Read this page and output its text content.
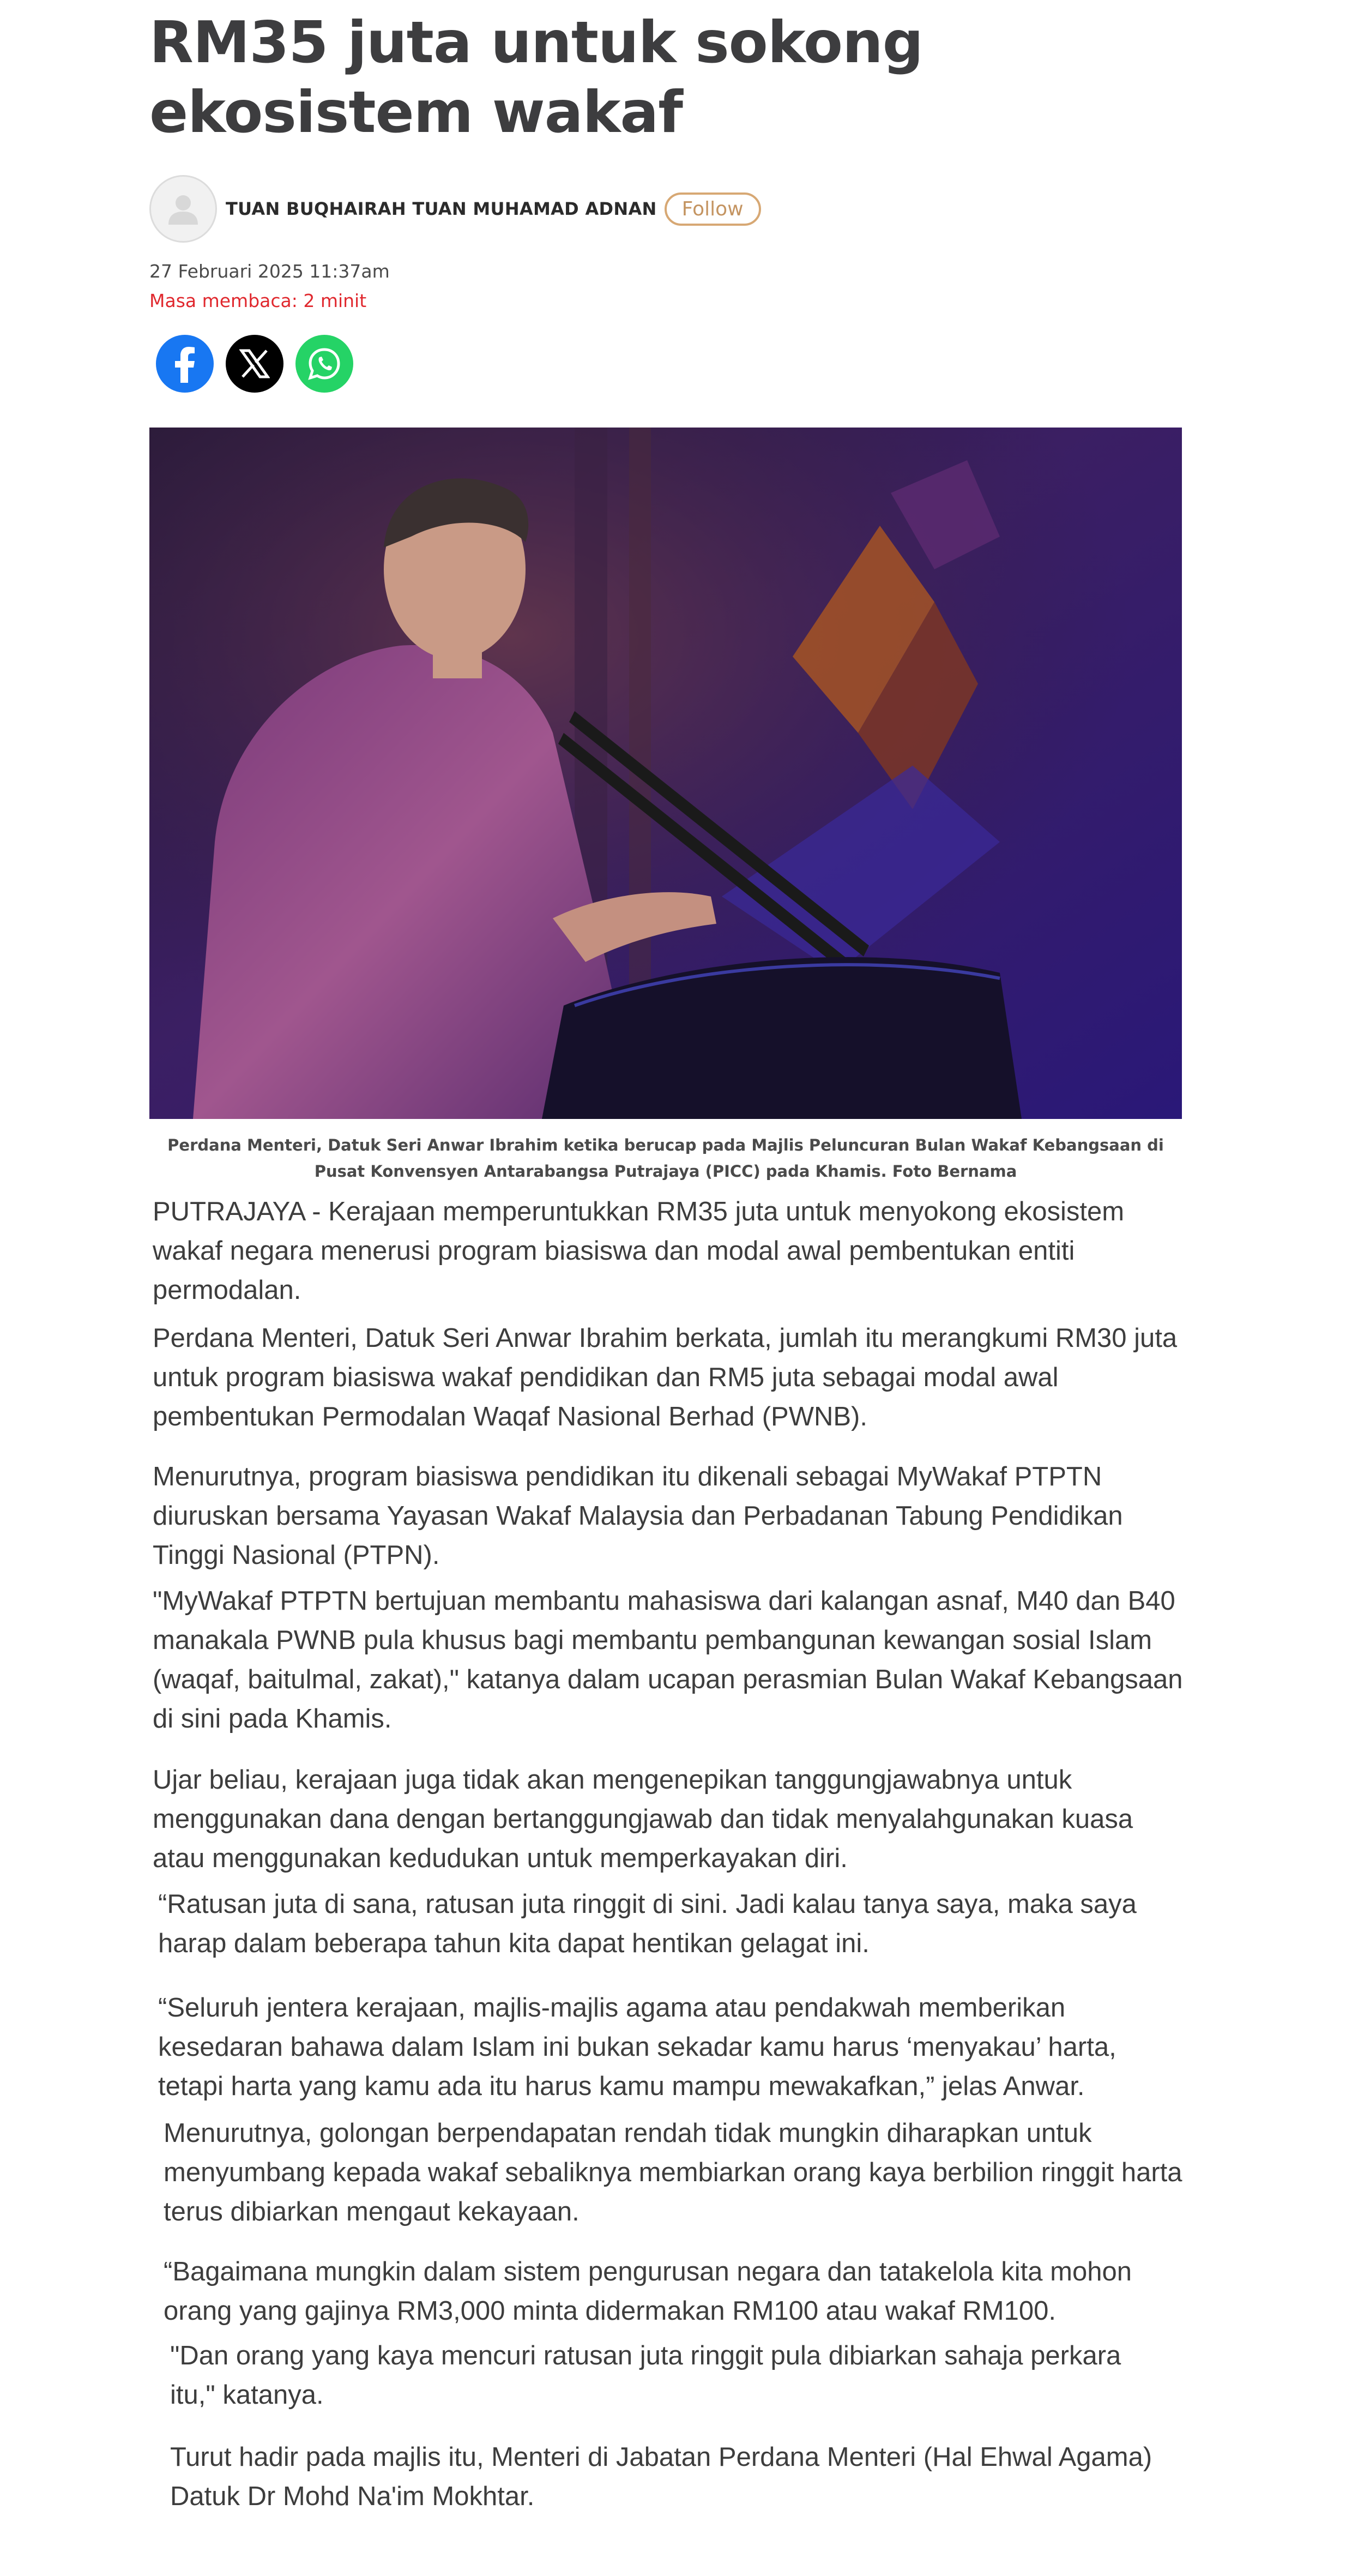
RM35 juta untuk sokong ekosistem wakaf
TUAN BUQHAIRAH TUAN MUHAMAD ADNAN	Follow
27 Februari 2025 11:37am
Masa membaca: 2 minit
Perdana Menteri, Datuk Seri Anwar Ibrahim ketika berucap pada Majlis Peluncuran Bulan Wakaf Kebangsaan di Pusat Konvensyen Antarabangsa Putrajaya (PICC) pada Khamis. Foto Bernama

PUTRAJAYA - Kerajaan memperuntukkan RM35 juta untuk menyokong ekosistem wakaf negara menerusi program biasiswa dan modal awal pembentukan entiti permodalan.

Perdana Menteri, Datuk Seri Anwar Ibrahim berkata, jumlah itu merangkumi RM30 juta untuk program biasiswa wakaf pendidikan dan RM5 juta sebagai modal awal pembentukan Permodalan Waqaf Nasional Berhad (PWNB).

Menurutnya, program biasiswa pendidikan itu dikenali sebagai MyWakaf PTPTN diuruskan bersama Yayasan Wakaf Malaysia dan Perbadanan Tabung Pendidikan Tinggi Nasional (PTPN).

"MyWakaf PTPTN bertujuan membantu mahasiswa dari kalangan asnaf, M40 dan B40 manakala PWNB pula khusus bagi membantu pembangunan kewangan sosial Islam (waqaf, baitulmal, zakat)," katanya dalam ucapan perasmian Bulan Wakaf Kebangsaan di sini pada Khamis.

Ujar beliau, kerajaan juga tidak akan mengenepikan tanggungjawabnya untuk menggunakan dana dengan bertanggungjawab dan tidak menyalahgunakan kuasa atau menggunakan kedudukan untuk memperkayakan diri.

“Ratusan juta di sana, ratusan juta ringgit di sini. Jadi kalau tanya saya, maka saya harap dalam beberapa tahun kita dapat hentikan gelagat ini.

“Seluruh jentera kerajaan, majlis-majlis agama atau pendakwah memberikan kesedaran bahawa dalam Islam ini bukan sekadar kamu harus ‘menyakau’ harta, tetapi harta yang kamu ada itu harus kamu mampu mewakafkan,” jelas Anwar.

Menurutnya, golongan berpendapatan rendah tidak mungkin diharapkan untuk menyumbang kepada wakaf sebaliknya membiarkan orang kaya berbilion ringgit harta terus dibiarkan mengaut kekayaan.

“Bagaimana mungkin dalam sistem pengurusan negara dan tatakelola kita mohon orang yang gajinya RM3,000 minta didermakan RM100 atau wakaf RM100.

"Dan orang yang kaya mencuri ratusan juta ringgit pula dibiarkan sahaja perkara itu," katanya.

Turut hadir pada majlis itu, Menteri di Jabatan Perdana Menteri (Hal Ehwal Agama) Datuk Dr Mohd Na'im Mokhtar.
